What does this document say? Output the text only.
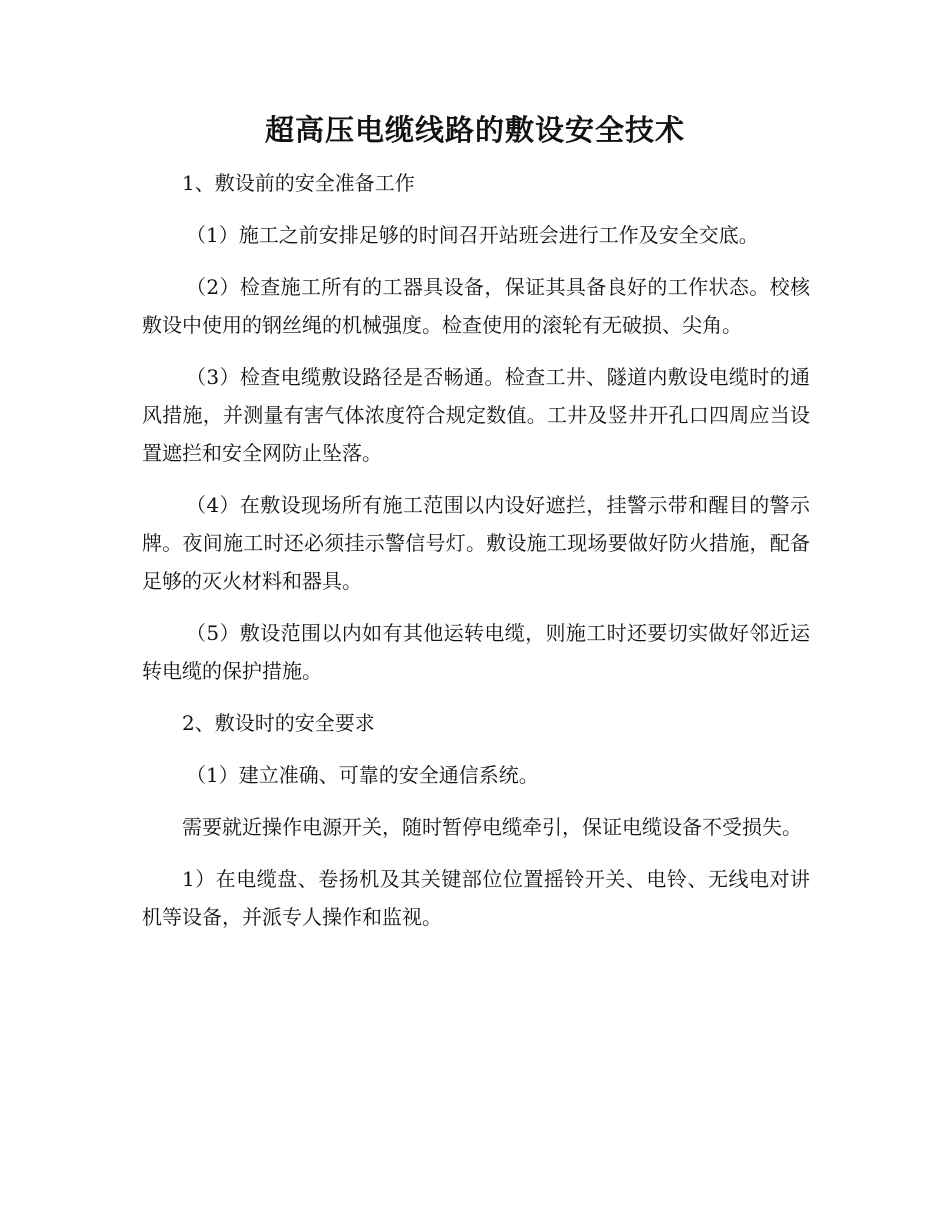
超高压电缆线路的敷设安全技术

1、敷设前的安全准备工作

（1）施工之前安排足够的时间召开站班会进行工作及安全交底。

（2）检查施工所有的工器具设备，保证其具备良好的工作状态。校核敷设中使用的钢丝绳的机械强度。检查使用的滚轮有无破损、尖角。

（3）检查电缆敷设路径是否畅通。检查工井、隧道内敷设电缆时的通风措施，并测量有害气体浓度符合规定数值。工井及竖井开孔口四周应当设置遮拦和安全网防止坠落。

（4）在敷设现场所有施工范围以内设好遮拦，挂警示带和醒目的警示牌。夜间施工时还必须挂示警信号灯。敷设施工现场要做好防火措施，配备足够的灭火材料和器具。

（5）敷设范围以内如有其他运转电缆，则施工时还要切实做好邻近运转电缆的保护措施。

2、敷设时的安全要求

（1）建立准确、可靠的安全通信系统。

需要就近操作电源开关，随时暂停电缆牵引，保证电缆设备不受损失。

1）在电缆盘、卷扬机及其关键部位位置摇铃开关、电铃、无线电对讲机等设备，并派专人操作和监视。
